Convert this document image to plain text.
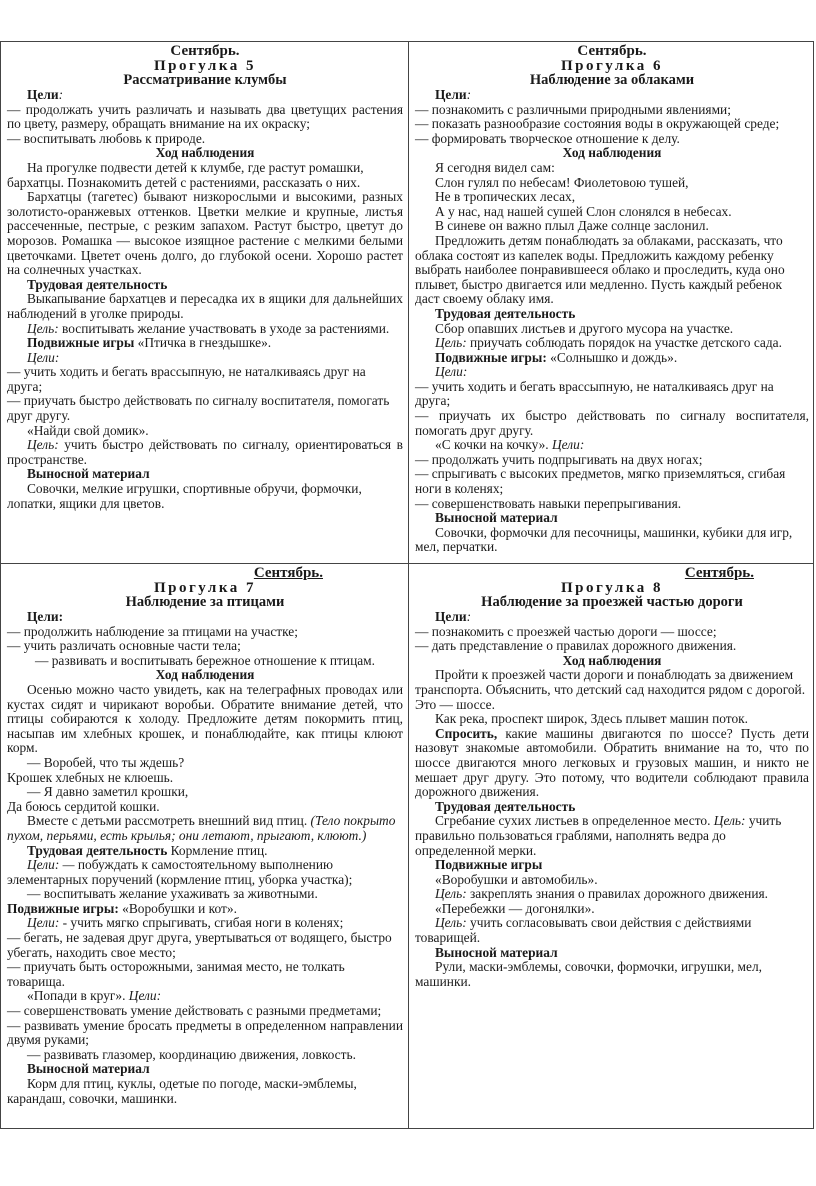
Сентябрь.
Прогулка 5
Рассматривание клумбы

Цели:

— продолжать учить различать и называть два цветущих растения по цвету, размеру, обращать внимание на их окраску;

— воспитывать любовь к природе.

Ход наблюдения

На прогулке подвести детей к клумбе, где растут ромашки, бархатцы. Познакомить детей с растениями, рассказать о них.

Бархатцы (тагетес) бывают низкорослыми и высокими, разных золотисто-оранжевых оттенков. Цветки мелкие и крупные, листья рассеченные, пестрые, с резким запахом. Растут быстро, цветут до морозов. Ромашка — высокое изящное растение с мелкими белыми цветочками. Цветет очень долго, до глубокой осени. Хорошо растет на солнечных участках.

Трудовая деятельность

Выкапывание бархатцев и пересадка их в ящики для дальнейших наблюдений в уголке природы.

Цель: воспитывать желание участвовать в уходе за растениями.

Подвижные игры «Птичка в гнездышке».

Цели:

— учить ходить и бегать врассыпную, не наталкиваясь друг на друга;

— приучать быстро действовать по сигналу воспитателя, помогать друг другу.

«Найди свой домик».

Цель: учить быстро действовать по сигналу, ориентироваться в пространстве.

Выносной материал

Совочки, мелкие игрушки, спортивные обручи, формочки, лопатки, ящики для цветов.

Сентябрь.
Прогулка 6
Наблюдение за облаками

Цели:

— познакомить с различными природными явлениями;

— показать разнообразие состояния воды в окружающей среде;

— формировать творческое отношение к делу.

Ход наблюдения

Я сегодня видел сам:

Слон гулял по небесам! Фиолетовою тушей,

Не в тропических лесах,

А у нас, над нашей сушей Слон слонялся в небесах.

В синеве он важно плыл Даже солнце заслонил.

Предложить детям понаблюдать за облаками, рассказать, что облака состоят из капелек воды. Предложить каждому ребенку выбрать наиболее понравившееся облако и проследить, куда оно плывет, быстро двигается или медленно. Пусть каждый ребенок даст своему облаку имя.

Трудовая деятельность

Сбор опавших листьев и другого мусора на участке.

Цель: приучать соблюдать порядок на участке детского сада.

Подвижные игры: «Солнышко и дождь».

Цели:

— учить ходить и бегать врассыпную, не наталкиваясь друг на друга;

— приучать их быстро действовать по сигналу воспитателя, помогать друг другу.

«С кочки на кочку». Цели:

— продолжать учить подпрыгивать на двух ногах;

— спрыгивать с высоких предметов, мягко приземляться, сгибая ноги в коленях;

— совершенствовать навыки перепрыгивания.

Выносной материал

Совочки, формочки для песочницы, машинки, кубики для игр, мел, перчатки.

Сентябрь.
Прогулка 7
Наблюдение за птицами

Цели:

— продолжить наблюдение за птицами на участке;

— учить различать основные части тела;

— развивать и воспитывать бережное отношение к птицам.

Ход наблюдения

Осенью можно часто увидеть, как на телеграфных проводах или кустах сидят и чирикают воробьи. Обратите внимание детей, что птицы собираются к холоду. Предложите детям покормить птиц, насыпав им хлебных крошек, и понаблюдайте, как птицы клюют корм.

— Воробей, что ты ждешь?

Крошек хлебных не клюешь.

— Я давно заметил крошки,

Да боюсь сердитой кошки.

Вместе с детьми рассмотреть внешний вид птиц. (Тело покрыто пухом, перьями, есть крылья; они летают, прыгают, клюют.)

Трудовая деятельность Кормление птиц.

Цели: — побуждать к самостоятельному выполнению элементарных поручений (кормление птиц, уборка участка);

— воспитывать желание ухаживать за животными.

Подвижные игры: «Воробушки и кот».

Цели: - учить мягко спрыгивать, сгибая ноги в коленях;

— бегать, не задевая друг друга, увертываться от водящего, быстро убегать, находить свое место;

— приучать быть осторожными, занимая место, не толкать товарища.

«Попади в круг». Цели:

— совершенствовать умение действовать с разными предметами;

— развивать умение бросать предметы в определенном направлении двумя руками;

— развивать глазомер, координацию движения, ловкость.

Выносной материал

Корм для птиц, куклы, одетые по погоде, маски-эмблемы, карандаш, совочки, машинки.

Сентябрь.
Прогулка 8
Наблюдение за проезжей частью дороги

Цели:

— познакомить с проезжей частью дороги — шоссе;

— дать представление о правилах дорожного движения.

Ход наблюдения

Пройти к проезжей части дороги и понаблюдать за движением транспорта. Объяснить, что детский сад находится рядом с дорогой. Это — шоссе.

Как река, проспект широк, Здесь плывет машин поток.

Спросить, какие машины двигаются по шоссе? Пусть дети назовут знакомые автомобили. Обратить внимание на то, что по шоссе двигаются много легковых и грузовых машин, и никто не мешает друг другу. Это потому, что водители соблюдают правила дорожного движения.

Трудовая деятельность

Сгребание сухих листьев в определенное место. Цель: учить правильно пользоваться граблями, наполнять ведра до определенной мерки.

Подвижные игры

«Воробушки и автомобиль».

Цель: закреплять знания о правилах дорожного движения.

«Перебежки — догонялки».

Цель: учить согласовывать свои действия с действиями товарищей.

Выносной материал

Рули, маски-эмблемы, совочки, формочки, игрушки, мел, машинки.
